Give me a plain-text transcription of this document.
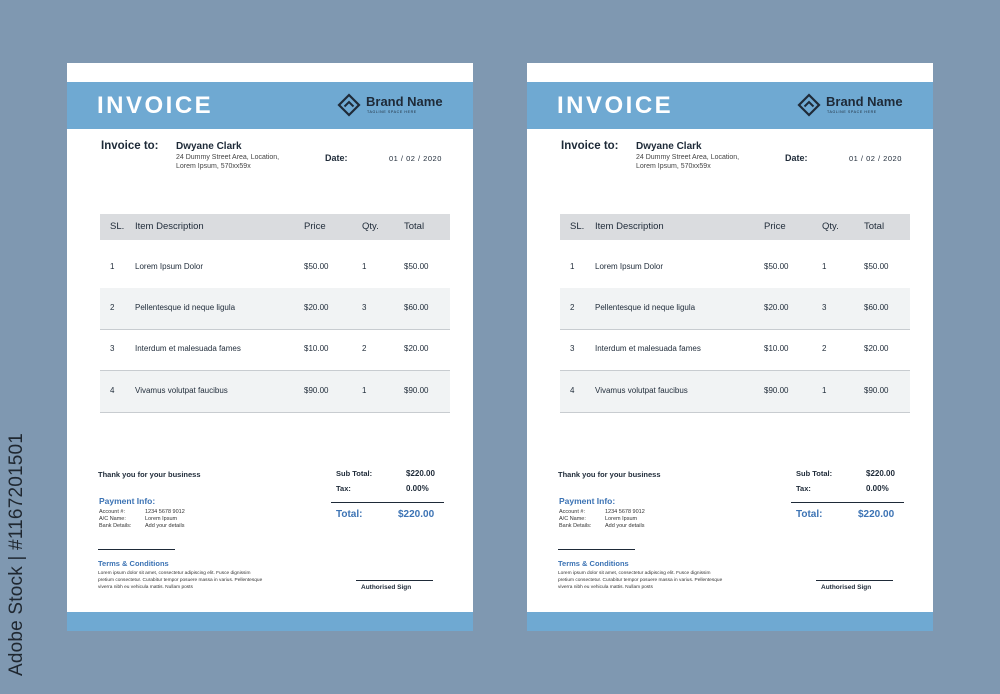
Adobe Stock | #1167201501
INVOICE	Brand Name
TAGLINE SPACE HERE
Invoice to: Dwyane Clark
24 Dummy Street Area, Location, Lorem Ipsum, 570xx59x
Date:	01 / 02 / 2020
SL. Item Description	Price	Qty.	Total
1	Lorem Ipsum Dolor	$50.00	1	$50.00
2	Pellentesque id neque ligula	$20.00	3	$60.00
3	Interdum et malesuada fames	$10.00	2	$20.00
4	Vivamus volutpat faucibus	$90.00	1	$90.00
Thank you for your business
Payment Info:
Account #:	1234 5678 9012
A/C Name:	Lorem Ipsum
Bank Details: Add your details
Terms & Conditions
Lorem ipsum dolor sit amet, consectetur adipiscing elit. Fusce dignissim pretium consectetur. Curabitur tempor posuere massa in varius. Pellentesque viverra nibh eu vehicula mattis. Nullam posts
Sub Total:	$220.00
Tax:	0.00%
Total:	$220.00
Authorised Sign
INVOICE	Brand Name
TAGLINE SPACE HERE
Invoice to: Dwyane Clark
24 Dummy Street Area, Location, Lorem Ipsum, 570xx59x
Date:	01 / 02 / 2020
SL. Item Description	Price	Qty.	Total
1	Lorem Ipsum Dolor	$50.00	1	$50.00
2	Pellentesque id neque ligula	$20.00	3	$60.00
3	Interdum et malesuada fames	$10.00	2	$20.00
4	Vivamus volutpat faucibus	$90.00	1	$90.00
Thank you for your business
Payment Info:
Account #:	1234 5678 9012
A/C Name:	Lorem Ipsum
Bank Details: Add your details
Terms & Conditions
Lorem ipsum dolor sit amet, consectetur adipiscing elit. Fusce dignissim pretium consectetur. Curabitur tempor posuere massa in varius. Pellentesque viverra nibh eu vehicula mattis. Nullam posts
Sub Total:	$220.00
Tax:	0.00%
Total:	$220.00
Authorised Sign
